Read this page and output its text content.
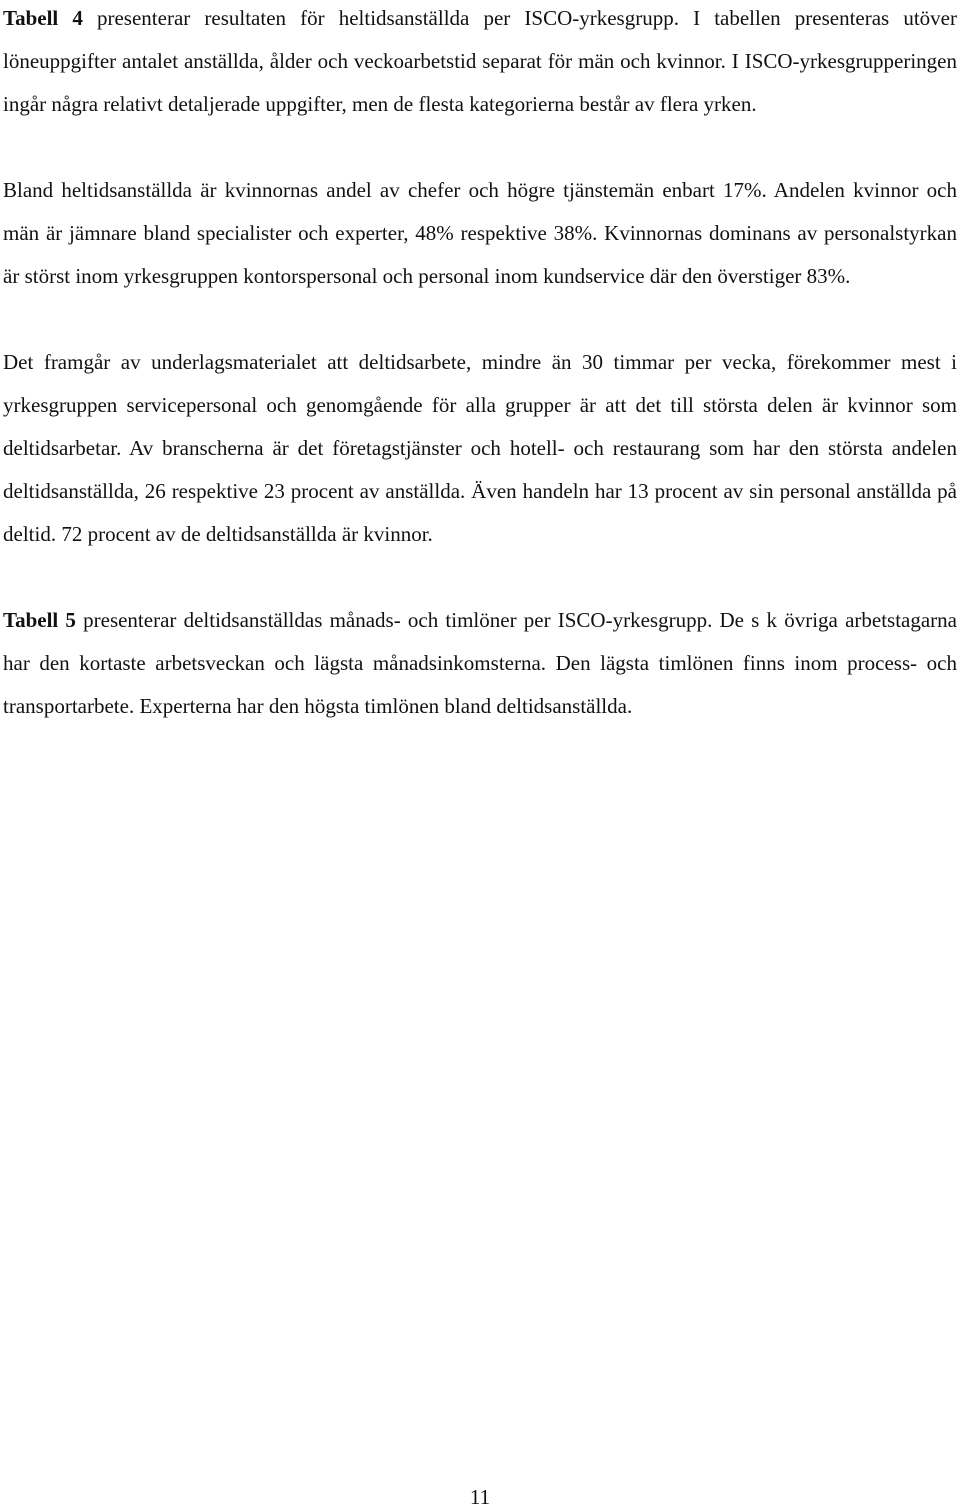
Tabell 4 presenterar resultaten för heltidsanställda per ISCO-yrkesgrupp. I tabellen presenteras utöver löneuppgifter antalet anställda, ålder och veckoarbetstid separat för män och kvinnor. I ISCO-yrkesgrupperingen ingår några relativt detaljerade uppgifter, men de flesta kategorierna består av flera yrken.

Bland heltidsanställda är kvinnornas andel av chefer och högre tjänstemän enbart 17%. Andelen kvinnor och män är jämnare bland specialister och experter, 48% respektive 38%. Kvinnornas dominans av personalstyrkan är störst inom yrkesgruppen kontorspersonal och personal inom kundservice där den överstiger 83%.

Det framgår av underlagsmaterialet att deltidsarbete, mindre än 30 timmar per vecka, förekommer mest i yrkesgruppen servicepersonal och genomgående för alla grupper är att det till största delen är kvinnor som deltidsarbetar. Av branscherna är det företagstjänster och hotell- och restaurang som har den största andelen deltidsanställda, 26 respektive 23 procent av anställda. Även handeln har 13 procent av sin personal anställda på deltid. 72 procent av de deltidsanställda är kvinnor.

Tabell 5 presenterar deltidsanställdas månads- och timlöner per ISCO-yrkesgrupp. De s k övriga arbetstagarna har den kortaste arbetsveckan och lägsta månadsinkomsterna. Den lägsta timlönen finns inom process- och transportarbete. Experterna har den högsta timlönen bland deltidsanställda.

11
